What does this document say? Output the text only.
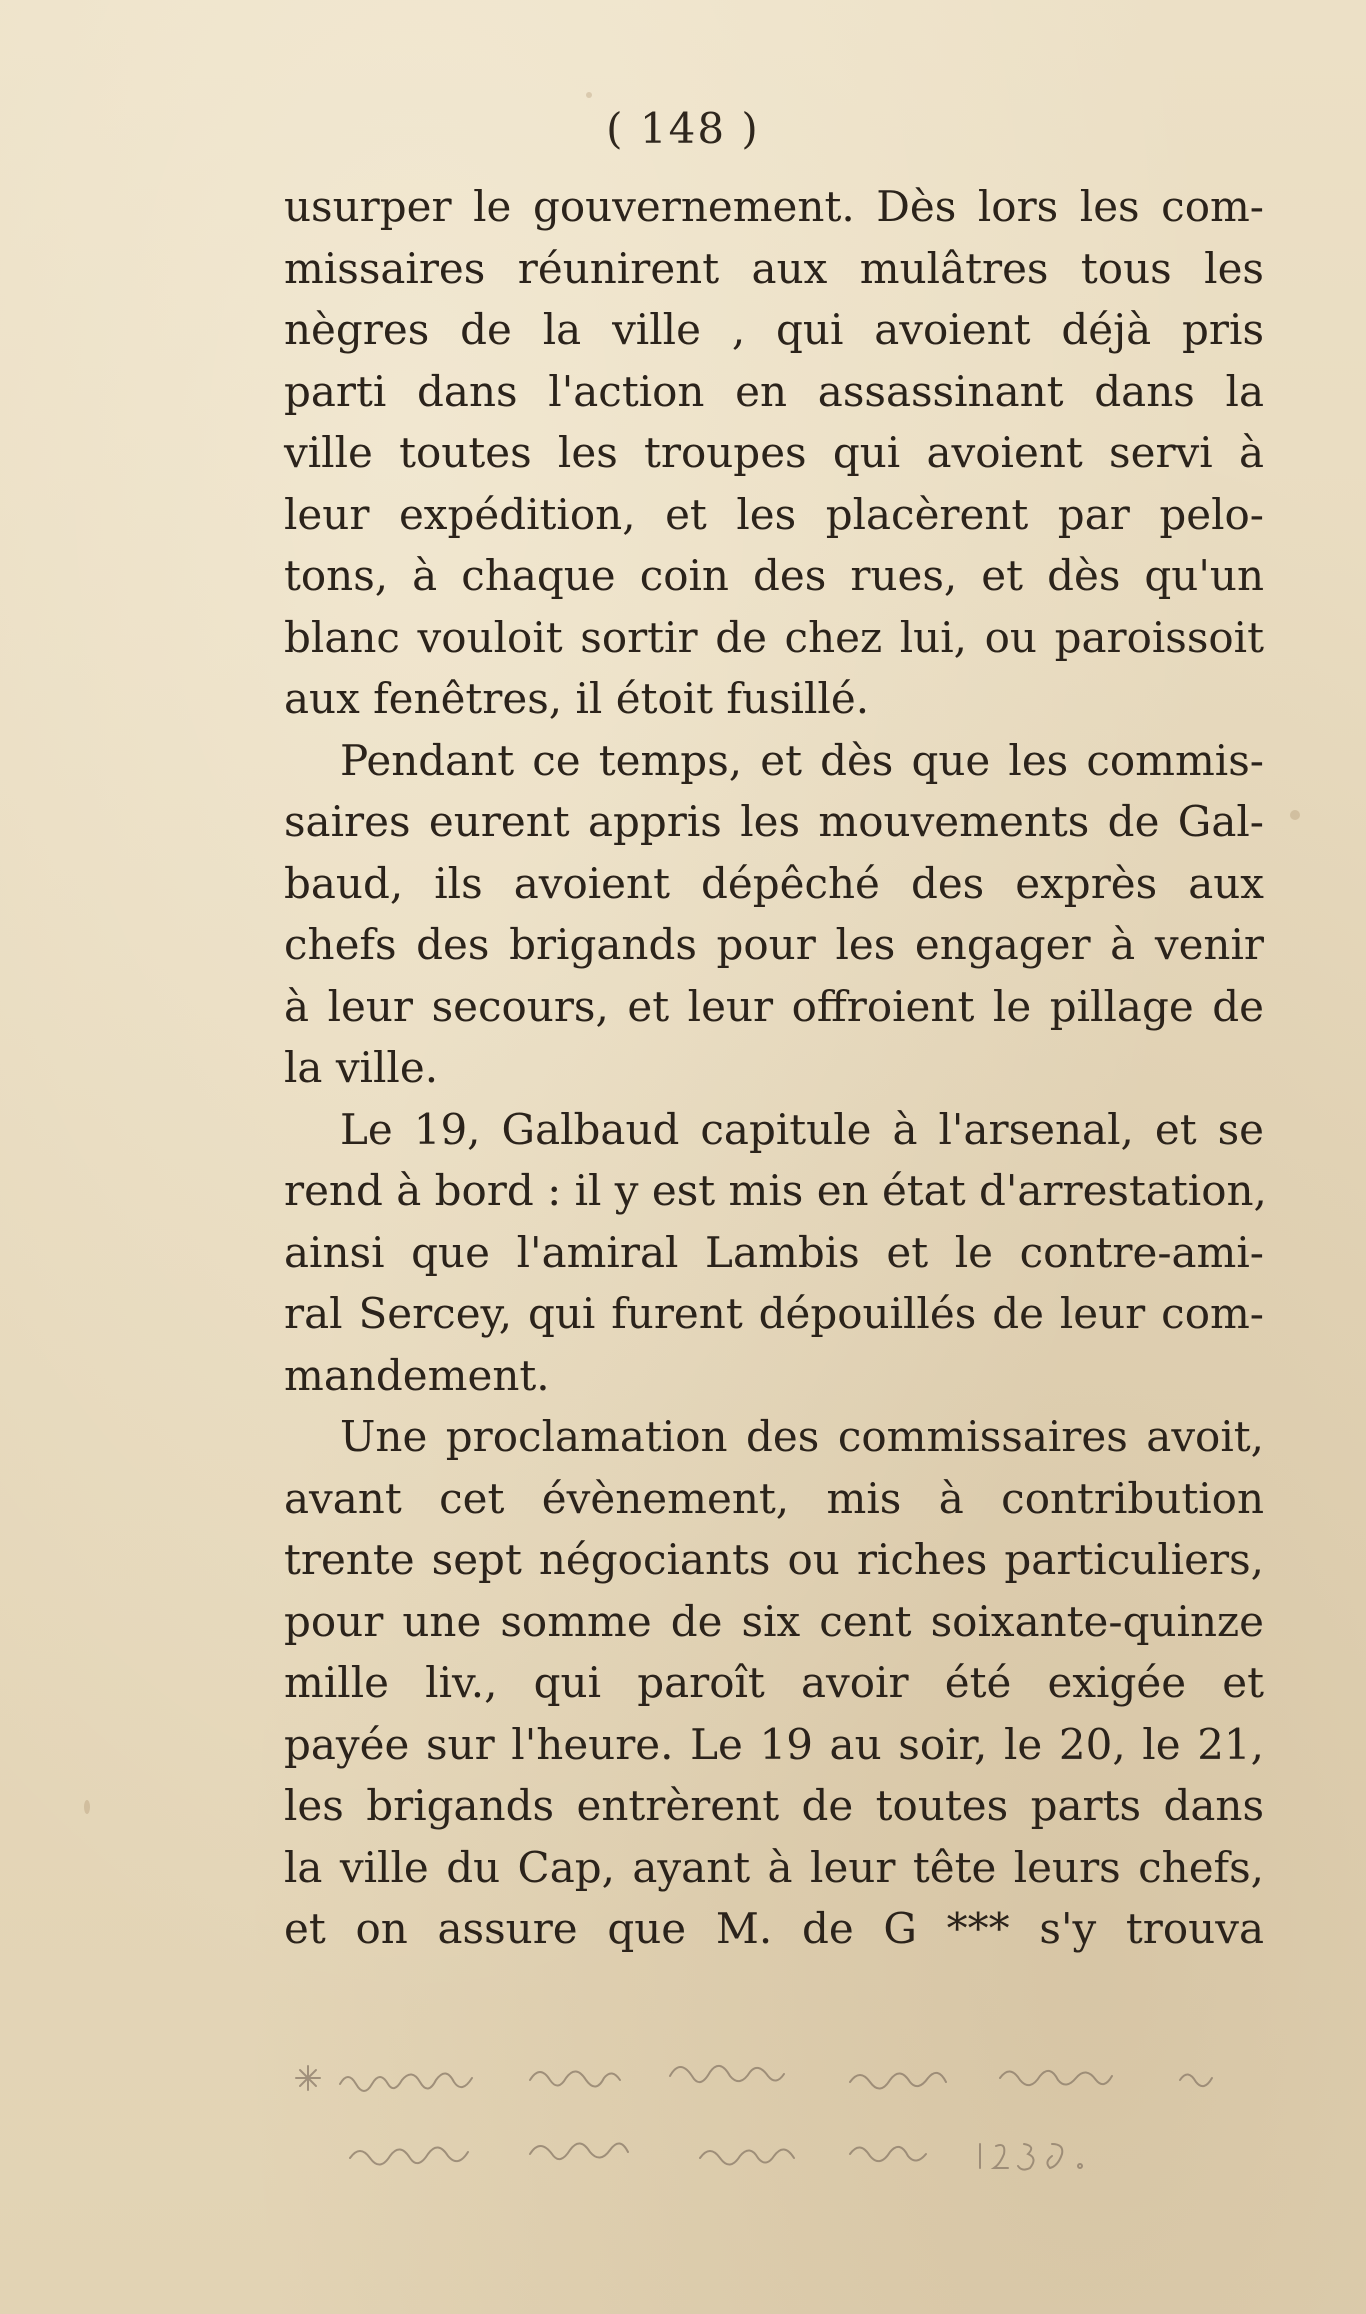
( 148 )
usurper le gouvernement. Dès lors les com-
missaires réunirent aux mulâtres tous les
nègres de la ville , qui avoient déjà pris
parti dans l'action en assassinant dans la
ville toutes les troupes qui avoient servi à
leur expédition, et les placèrent par pelo-
tons, à chaque coin des rues, et dès qu'un
blanc vouloit sortir de chez lui, ou paroissoit
aux fenêtres, il étoit fusillé.
Pendant ce temps, et dès que les commis-
saires eurent appris les mouvements de Gal-
baud, ils avoient dépêché des exprès aux
chefs des brigands pour les engager à venir
à leur secours, et leur offroient le pillage de
la ville.
Le 19, Galbaud capitule à l'arsenal, et se
rend à bord : il y est mis en état d'arrestation,
ainsi que l'amiral Lambis et le contre-ami-
ral Sercey, qui furent dépouillés de leur com-
mandement.
Une proclamation des commissaires avoit,
avant cet évènement, mis à contribution
trente sept négociants ou riches particuliers,
pour une somme de six cent soixante-quinze
mille liv., qui paroît avoir été exigée et
payée sur l'heure. Le 19 au soir, le 20, le 21,
les brigands entrèrent de toutes parts dans
la ville du Cap, ayant à leur tête leurs chefs,
et on assure que M. de G *** s'y trouva
